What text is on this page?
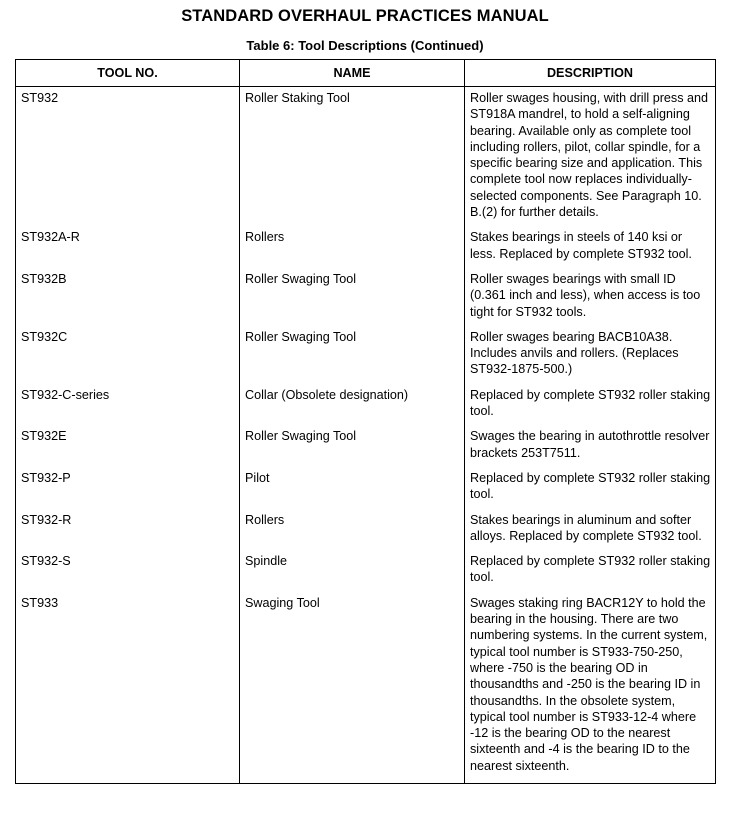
STANDARD OVERHAUL PRACTICES MANUAL
Table 6: Tool Descriptions (Continued)
TOOL NO.	NAME	DESCRIPTION
ST932	Roller Staking Tool	Roller swages housing, with drill press and ST918A mandrel, to hold a self-aligning bearing. Available only as complete tool including rollers, pilot, collar spindle, for a specific bearing size and application. This complete tool now replaces individually-selected components. See Paragraph 10. B.(2) for further details.
ST932A-R	Rollers	Stakes bearings in steels of 140 ksi or less. Replaced by complete ST932 tool.
ST932B	Roller Swaging Tool	Roller swages bearings with small ID (0.361 inch and less), when access is too tight for ST932 tools.
ST932C	Roller Swaging Tool	Roller swages bearing BACB10A38. Includes anvils and rollers. (Replaces ST932-1875-500.)
ST932-C-series	Collar (Obsolete designation)	Replaced by complete ST932 roller staking tool.
ST932E	Roller Swaging Tool	Swages the bearing in autothrottle resolver brackets 253T7511.
ST932-P	Pilot	Replaced by complete ST932 roller staking tool.
ST932-R	Rollers	Stakes bearings in aluminum and softer alloys. Replaced by complete ST932 tool.
ST932-S	Spindle	Replaced by complete ST932 roller staking tool.
ST933	Swaging Tool	Swages staking ring BACR12Y to hold the bearing in the housing. There are two numbering systems. In the current system, typical tool number is ST933-750-250, where -750 is the bearing OD in thousandths and -250 is the bearing ID in thousandths. In the obsolete system, typical tool number is ST933-12-4 where -12 is the bearing OD to the nearest sixteenth and -4 is the bearing ID to the nearest sixteenth.
